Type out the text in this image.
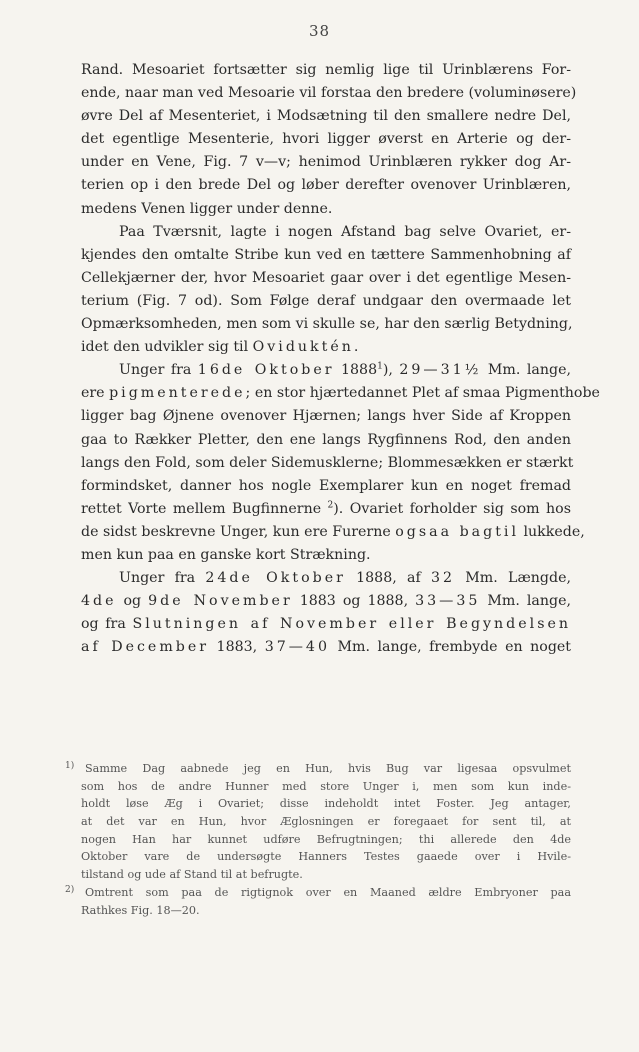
38
Rand. Mesoariet fortsætter sig nemlig lige til Urinblærens For-
ende, naar man ved Mesoarie vil forstaa den bredere (voluminøsere)
øvre Del af Mesenteriet, i Modsætning til den smallere nedre Del,
det egentlige Mesenterie, hvori ligger øverst en Arterie og der-
under en Vene, Fig. 7 v—v; henimod Urinblæren rykker dog Ar-
terien op i den brede Del og løber derefter ovenover Urinblæren,
medens Venen ligger under denne.
Paa Tværsnit, lagte i nogen Afstand bag selve Ovariet, er-
kjendes den omtalte Stribe kun ved en tættere Sammenhobning af
Cellekjærner der, hvor Mesoariet gaar over i det egentlige Mesen-
terium (Fig. 7 od). Som Følge deraf undgaar den overmaade let
Opmærksomheden, men som vi skulle se, har den særlig Betydning,
idet den udvikler sig til Oviduktén.
Unger fra 16de Oktober 1888$^1$), 29—31½ Mm. lange,
ere pigmenterede; en stor hjærtedannet Plet af smaa Pigmenthobe
ligger bag Øjnene ovenover Hjærnen; langs hver Side af Kroppen
gaa to Rækker Pletter, den ene langs Rygfinnens Rod, den anden
langs den Fold, som deler Sidemusklerne; Blommesækken er stærkt
formindsket, danner hos nogle Exemplarer kun en noget fremad
rettet Vorte mellem Bugfinnerne $^2$). Ovariet forholder sig som hos
de sidst beskrevne Unger, kun ere Furerne ogsaa bagtil lukkede,
men kun paa en ganske kort Strækning.
Unger fra 24de Oktober 1888, af 32 Mm. Længde,
4de og 9de November 1883 og 1888, 33—35 Mm. lange,
og fra Slutningen af November eller Begyndelsen
af December 1883, 37—40 Mm. lange, frembyde en noget
1) Samme Dag aabnede jeg en Hun, hvis Bug var ligesaa opsvulmet
som hos de andre Hunner med store Unger i, men som kun inde-
holdt løse Æg i Ovariet; disse indeholdt intet Foster. Jeg antager,
at det var en Hun, hvor Æglosningen er foregaaet for sent til, at
nogen Han har kunnet udføre Befrugtningen; thi allerede den 4de
Oktober vare de undersøgte Hanners Testes gaaede over i Hvile-
tilstand og ude af Stand til at befrugte.
2) Omtrent som paa de rigtignok over en Maaned ældre Embryoner paa
Rathkes Fig. 18—20.
